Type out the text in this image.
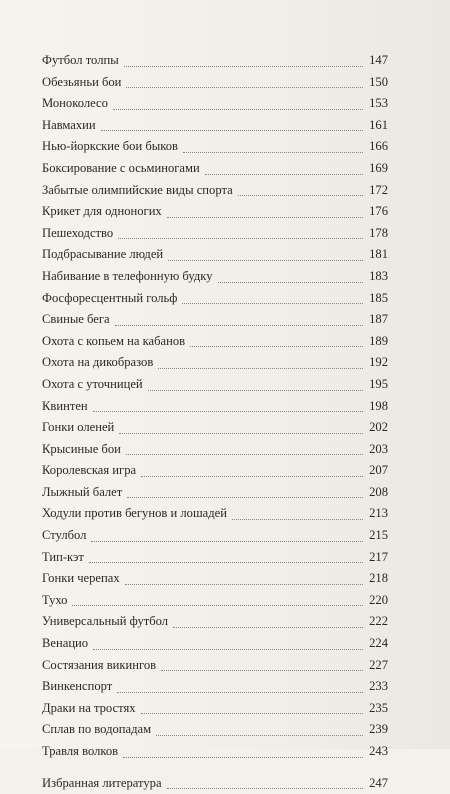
Футбол толпы	147
Обезьяньи бои	150
Моноколесо	153
Навмахии	161
Нью-йоркские бои быков	166
Боксирование с осьминогами	169
Забытые олимпийские виды спорта	172
Крикет для одноногих	176
Пешеходство	178
Подбрасывание людей	181
Набивание в телефонную будку	183
Фосфоресцентный гольф	185
Свиные бега	187
Охота с копьем на кабанов	189
Охота на дикобразов	192
Охота с уточницей	195
Квинтен	198
Гонки оленей	202
Крысиные бои	203
Королевская игра	207
Лыжный балет	208
Ходули против бегунов и лошадей	213
Стулбол	215
Тип-кэт	217
Гонки черепах	218
Тухо	220
Универсальный футбол	222
Венацио	224
Состязания викингов	227
Винкенспорт	233
Драки на тростях	235
Сплав по водопадам	239
Травля волков	243
Избранная литература	247
